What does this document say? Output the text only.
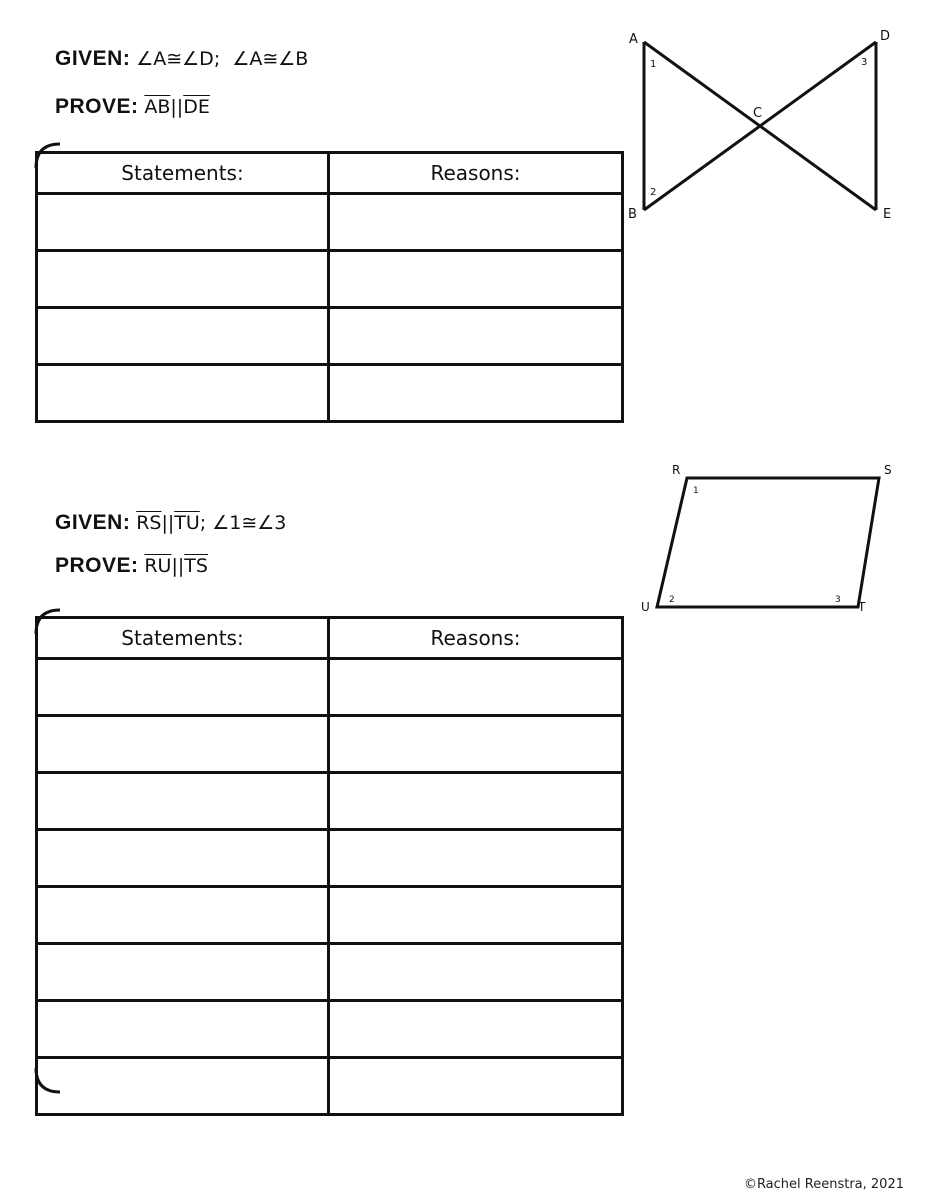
GIVEN: ∠A≅∠D; ∠A≅∠B
PROVE: $\overline{AB}||\overline{DE}$
Statements:	Reasons:

A
B
C
D
E
1
2
3
GIVEN: $\overline{RS}||\overline{TU}$; ∠1≅∠3
PROVE: $\overline{RU}||\overline{TS}$
Statements:	Reasons:

R	S
T
U
1
2	3
©Rachel Reenstra, 2021
